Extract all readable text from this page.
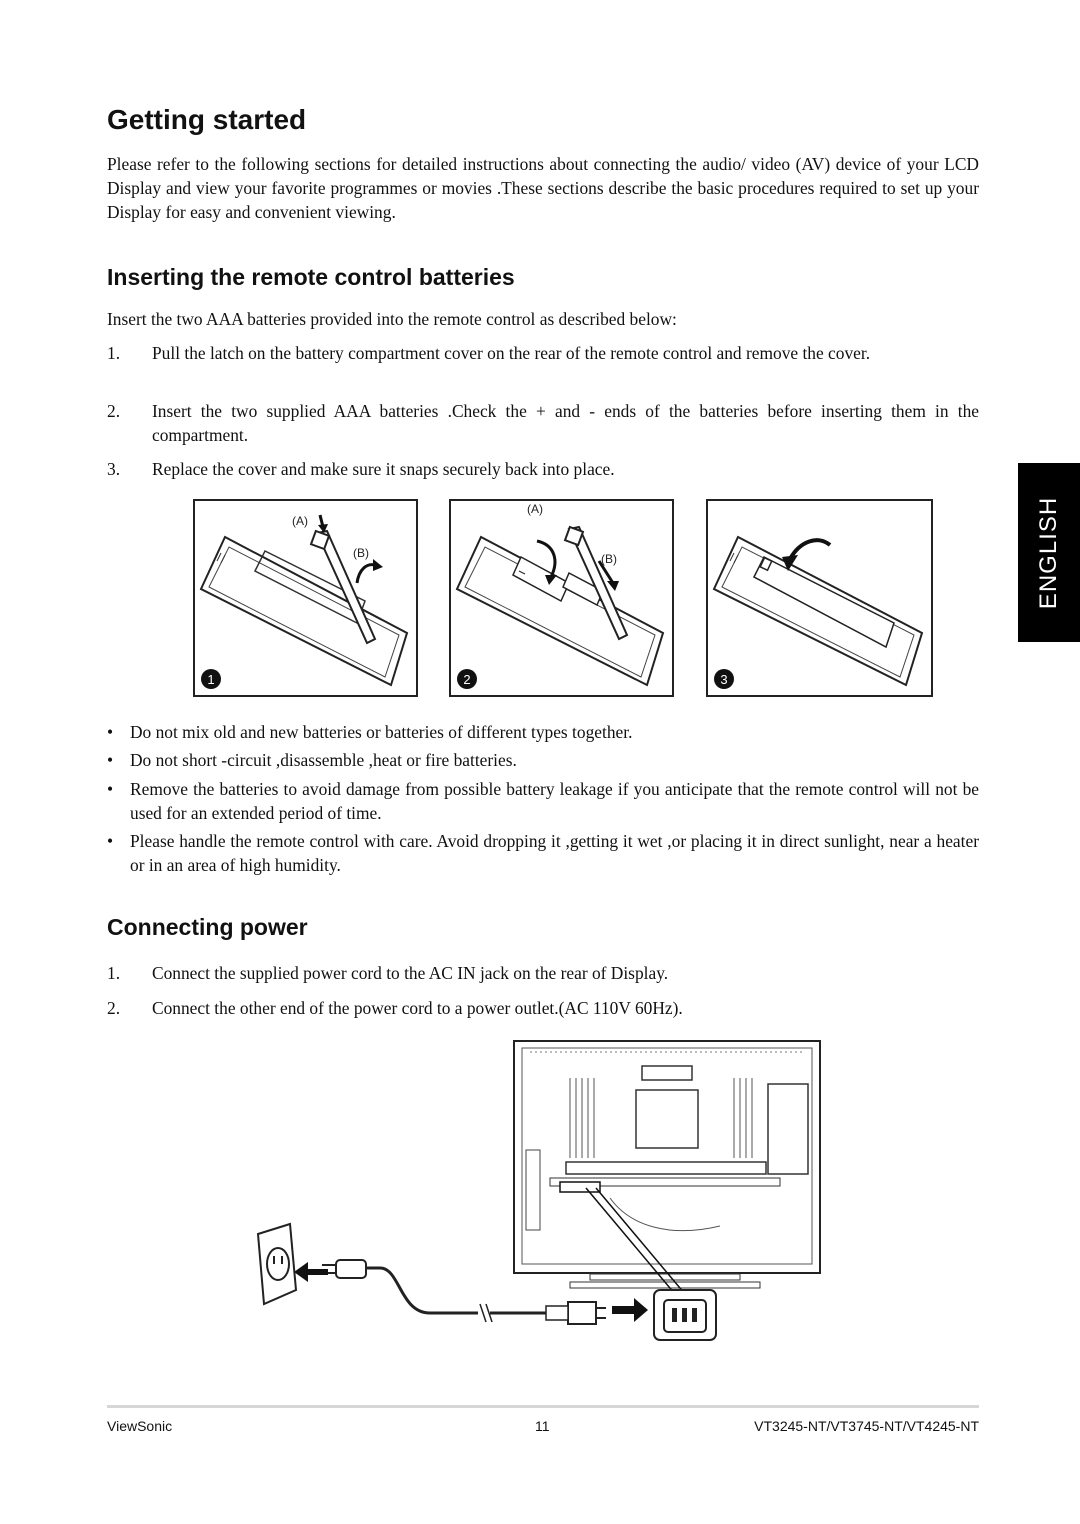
Getting started

Please refer to the following sections for detailed instructions about connecting the audio/ video (AV) device of your LCD Display and view your favorite programmes or movies .These sections describe the basic procedures required to set up your Display for easy and convenient viewing.

ENGLISH
Inserting the remote control batteries

Insert the two AAA batteries provided into the remote control as described below:

1. Pull the latch on the battery compartment cover on the rear of the remote control and remove the cover.
2. Insert the two supplied AAA batteries .Check the + and - ends of the batteries before inserting them in the compartment.
3. Replace the cover and make sure it snaps securely back into place.
(A)
(B)
1
(A)
(B)
2	3
• Do not mix old and new batteries or batteries of different types together.
• Do not short -circuit ,disassemble ,heat or fire batteries.
• Remove the batteries to avoid damage from possible battery leakage if you anticipate that the remote control will not be used for an extended period of time.
• Please handle the remote control with care. Avoid dropping it ,getting it wet ,or placing it in direct sunlight, near a heater or in an area of high humidity.
Connecting power
1. Connect the supplied power cord to the AC IN jack on the rear of Display.
2. Connect the other end of the power cord to a power outlet.(AC 110V 60Hz).
ViewSonic	11	VT3245-NT/VT3745-NT/VT4245-NT
